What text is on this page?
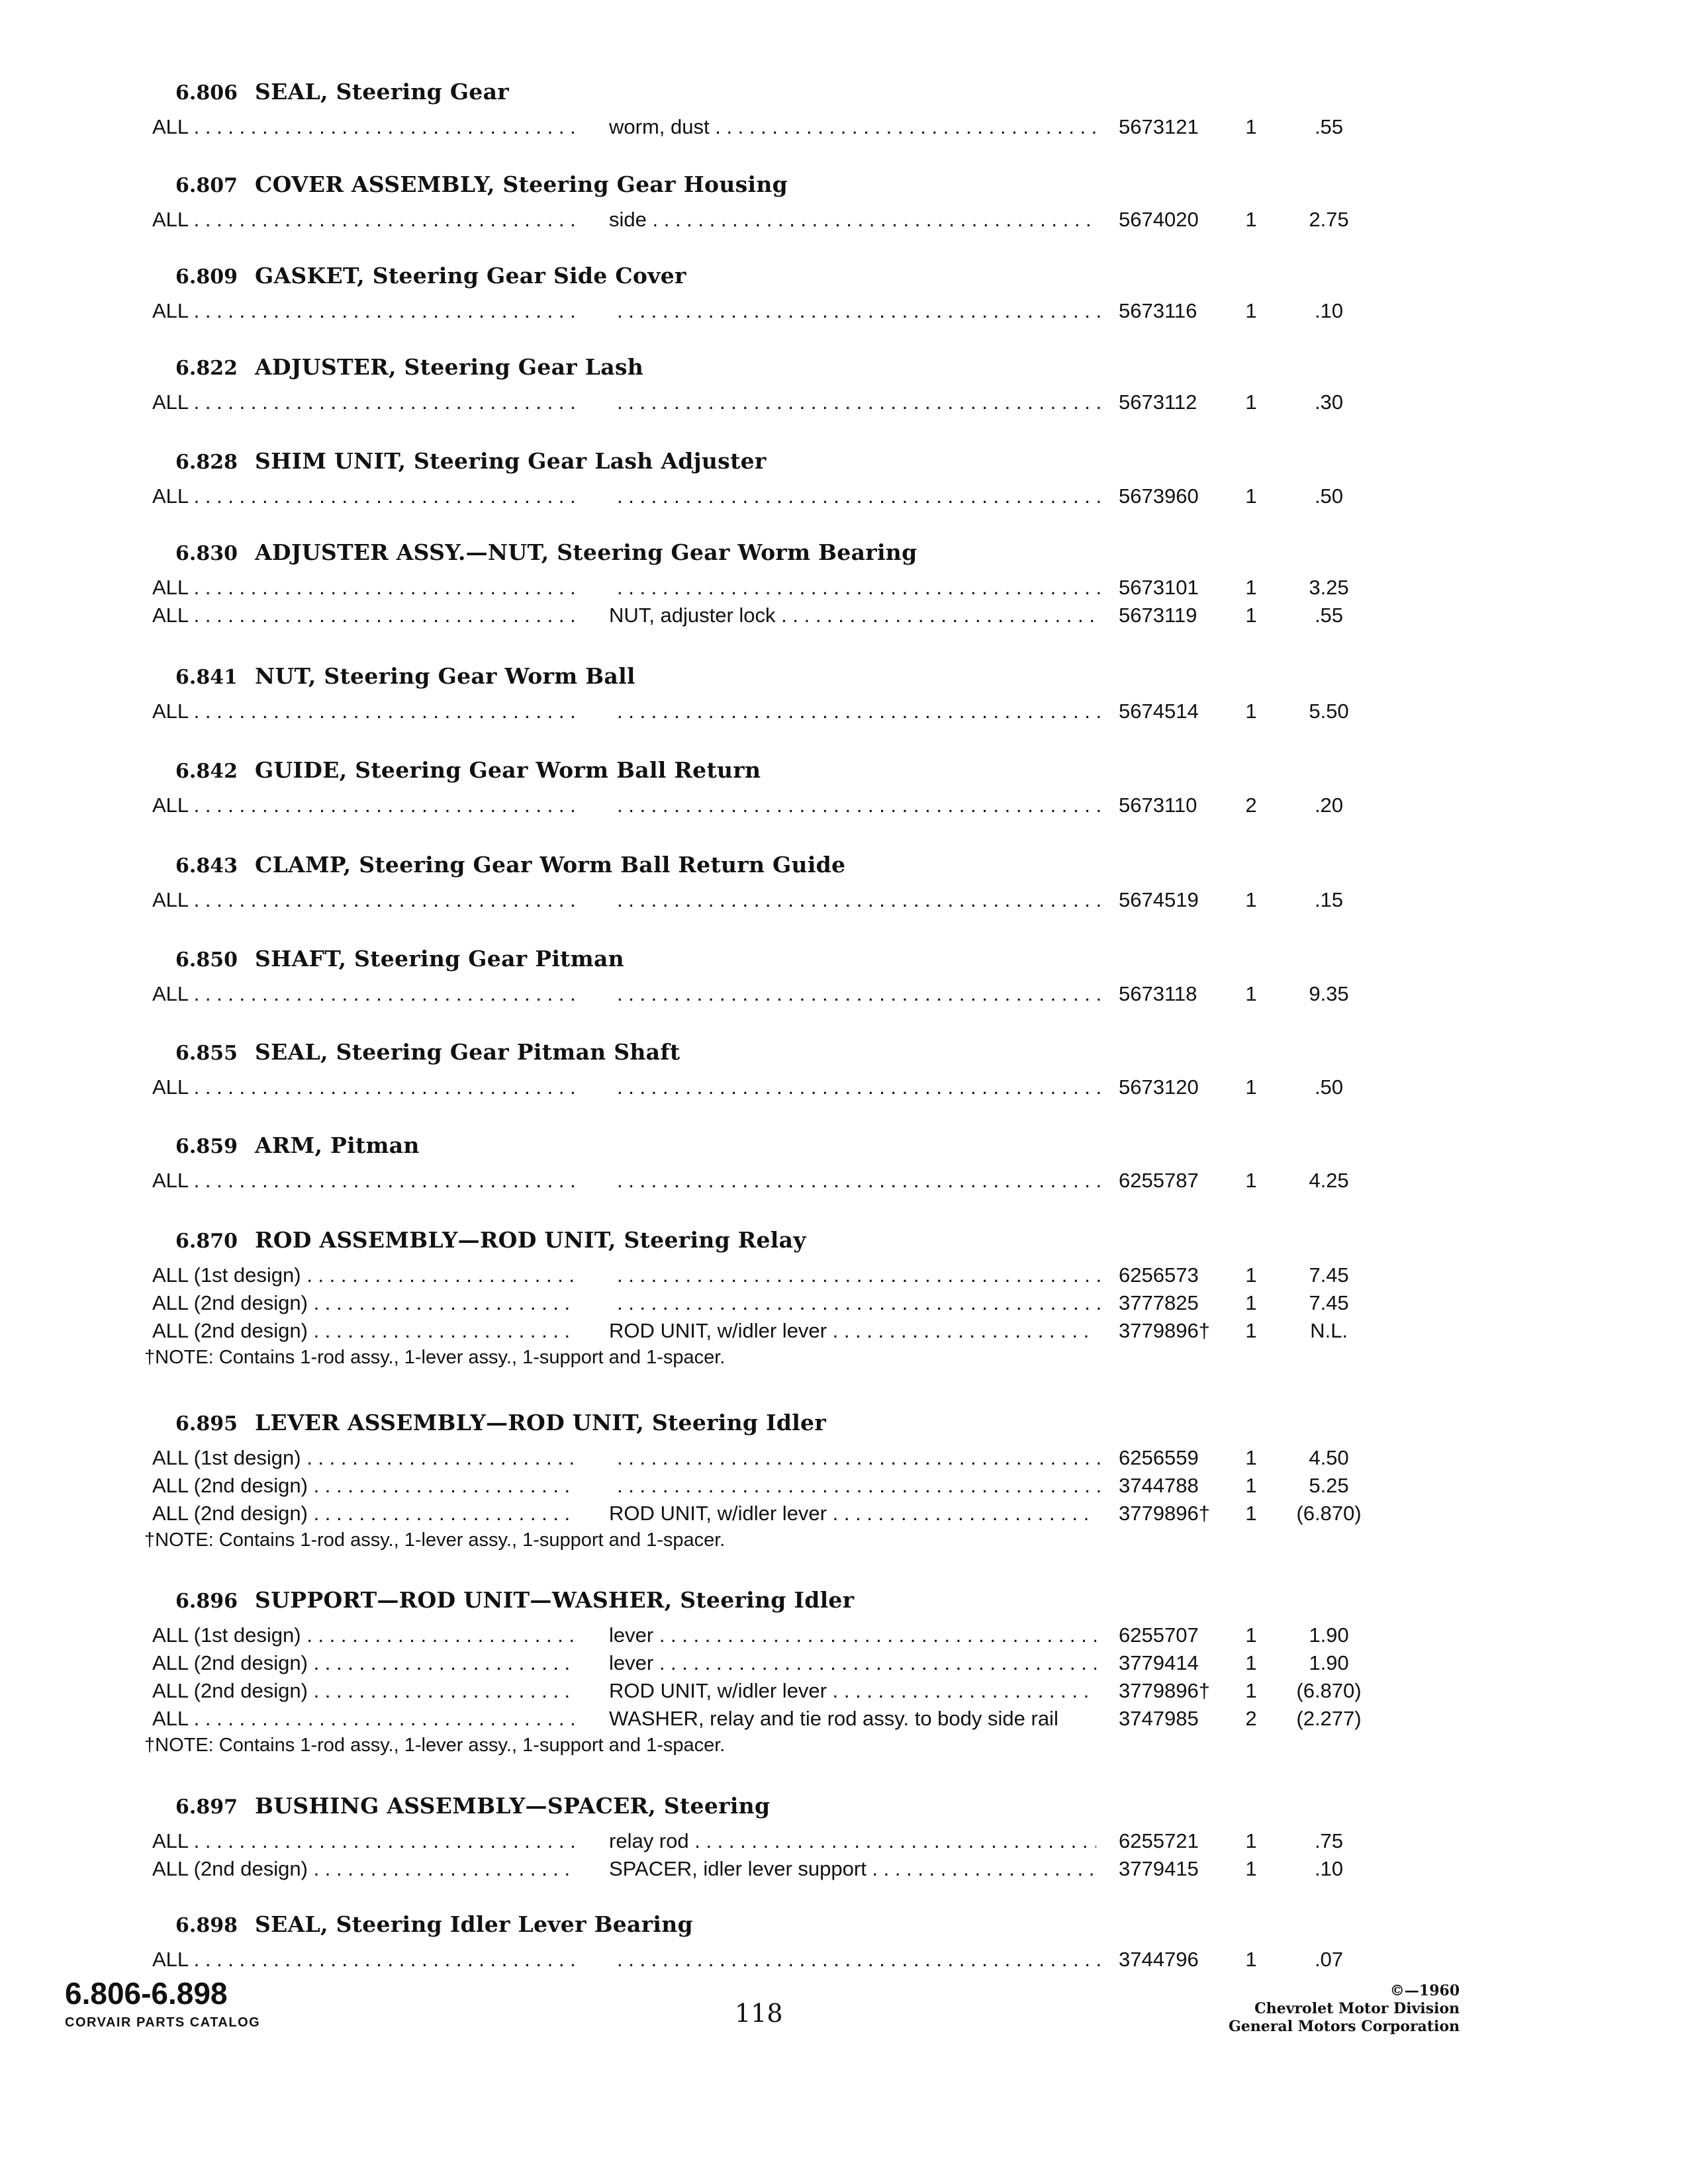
6.806 SEAL, Steering Gear
ALL . . .	worm, dust . . .	5673121	1	.55
6.807 COVER ASSEMBLY, Steering Gear Housing
ALL . . .	side . . .	5674020	1	2.75
6.809 GASKET, Steering Gear Side Cover
ALL . . . . . .	5673116	1	.10
6.822 ADJUSTER, Steering Gear Lash
ALL . . . . . .	5673112	1	.30
6.828 SHIM UNIT, Steering Gear Lash Adjuster
ALL . . . . . .	5673960	1	.50
6.830 ADJUSTER ASSY.—NUT, Steering Gear Worm Bearing
ALL . . . . . .	5673101	1	3.25
ALL . . .	NUT, adjuster lock . . .	5673119	1	.55
6.841 NUT, Steering Gear Worm Ball
ALL . . . . . .	5674514	1	5.50
6.842 GUIDE, Steering Gear Worm Ball Return
ALL . . . . . .	5673110	2	.20
6.843 CLAMP, Steering Gear Worm Ball Return Guide
ALL . . . . . .	5674519	1	.15
6.850 SHAFT, Steering Gear Pitman
ALL . . . . . .	5673118	1	9.35
6.855 SEAL, Steering Gear Pitman Shaft
ALL . . . . . .	5673120	1	.50
6.859 ARM, Pitman
ALL . . . . . .	6255787	1	4.25
6.870 ROD ASSEMBLY—ROD UNIT, Steering Relay
ALL (1st design) . . . . . .	6256573	1	7.45
ALL (2nd design) . . . . . .	3777825	1	7.45
ALL (2nd design) . . .	ROD UNIT, w/idler lever . . .	3779896†	1	N.L.
†NOTE: Contains 1-rod assy., 1-lever assy., 1-support and 1-spacer.
6.895 LEVER ASSEMBLY—ROD UNIT, Steering Idler
ALL (1st design) . . . . . .	6256559	1	4.50
ALL (2nd design) . . . . . .	3744788	1	5.25
ALL (2nd design) . . .	ROD UNIT, w/idler lever . . .	3779896†	1	(6.870)
†NOTE: Contains 1-rod assy., 1-lever assy., 1-support and 1-spacer.
6.896 SUPPORT—ROD UNIT—WASHER, Steering Idler
ALL (1st design) . . .	lever . . .	6255707	1	1.90
ALL (2nd design) . . .	lever . . .	3779414	1	1.90
ALL (2nd design) . . .	ROD UNIT, w/idler lever . . .	3779896†	1	(6.870)
ALL . . .	WASHER, relay and tie rod assy. to body side rail	3747985	2	(2.277)
†NOTE: Contains 1-rod assy., 1-lever assy., 1-support and 1-spacer.
6.897 BUSHING ASSEMBLY—SPACER, Steering
ALL . . .	relay rod . . .	6255721	1	.75
ALL (2nd design) . . .	SPACER, idler lever support . . .	3779415	1	.10
6.898 SEAL, Steering Idler Lever Bearing
ALL . . . . . .	3744796	1	.07
6.806-6.898
CORVAIR PARTS CATALOG	118
©—1960
Chevrolet Motor Division
General Motors Corporation
